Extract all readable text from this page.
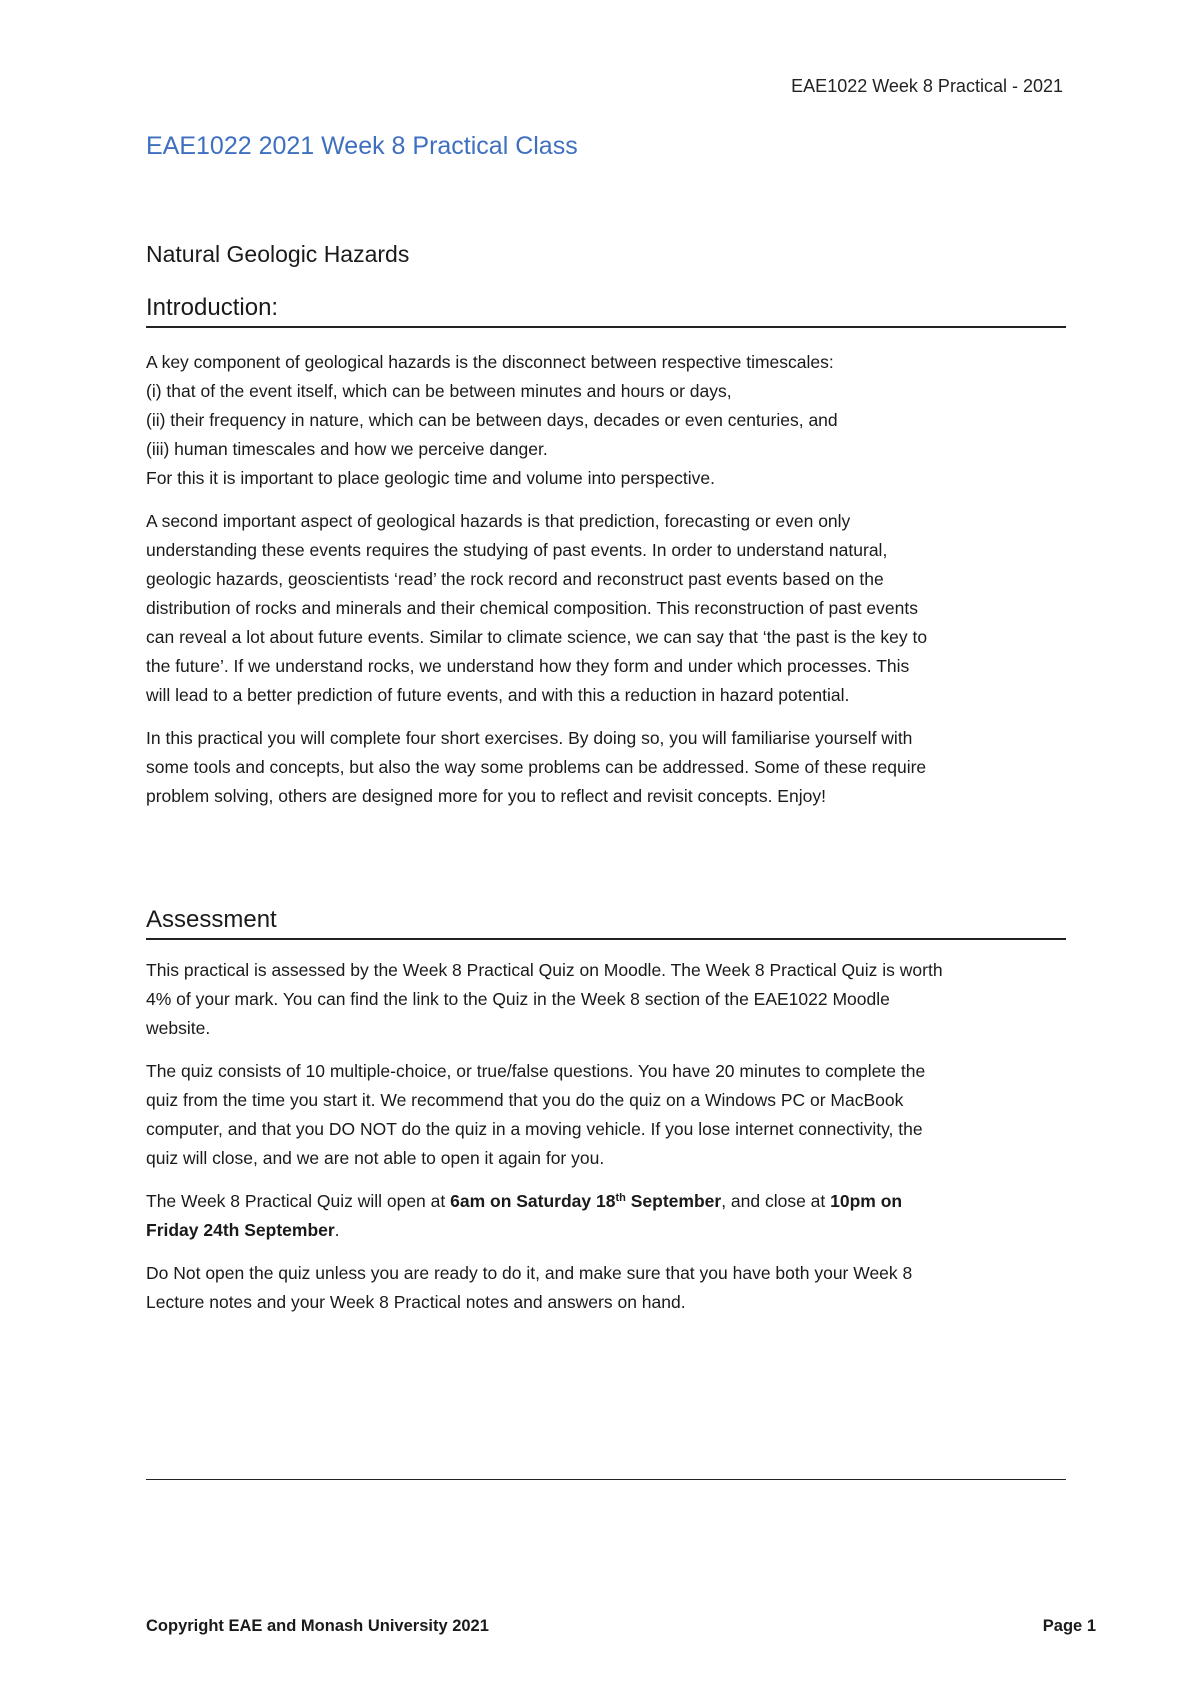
EAE1022 Week 8 Practical - 2021
EAE1022 2021 Week 8 Practical Class
Natural Geologic Hazards
Introduction:

A key component of geological hazards is the disconnect between respective timescales:
(i) that of the event itself, which can be between minutes and hours or days,
(ii) their frequency in nature, which can be between days, decades or even centuries, and
(iii) human timescales and how we perceive danger.
For this it is important to place geologic time and volume into perspective.

A second important aspect of geological hazards is that prediction, forecasting or even only
understanding these events requires the studying of past events. In order to understand natural,
geologic hazards, geoscientists ‘read’ the rock record and reconstruct past events based on the
distribution of rocks and minerals and their chemical composition. This reconstruction of past events
can reveal a lot about future events. Similar to climate science, we can say that ‘the past is the key to
the future’. If we understand rocks, we understand how they form and under which processes. This
will lead to a better prediction of future events, and with this a reduction in hazard potential.

In this practical you will complete four short exercises. By doing so, you will familiarise yourself with
some tools and concepts, but also the way some problems can be addressed. Some of these require
problem solving, others are designed more for you to reflect and revisit concepts. Enjoy!

Assessment

This practical is assessed by the Week 8 Practical Quiz on Moodle. The Week 8 Practical Quiz is worth
4% of your mark. You can find the link to the Quiz in the Week 8 section of the EAE1022 Moodle
website.

The quiz consists of 10 multiple-choice, or true/false questions. You have 20 minutes to complete the
quiz from the time you start it. We recommend that you do the quiz on a Windows PC or MacBook
computer, and that you DO NOT do the quiz in a moving vehicle. If you lose internet connectivity, the
quiz will close, and we are not able to open it again for you.

The Week 8 Practical Quiz will open at 6am on Saturday 18th September, and close at 10pm on
Friday 24th September.

Do Not open the quiz unless you are ready to do it, and make sure that you have both your Week 8
Lecture notes and your Week 8 Practical notes and answers on hand.

Copyright EAE and Monash University 2021	Page 1
